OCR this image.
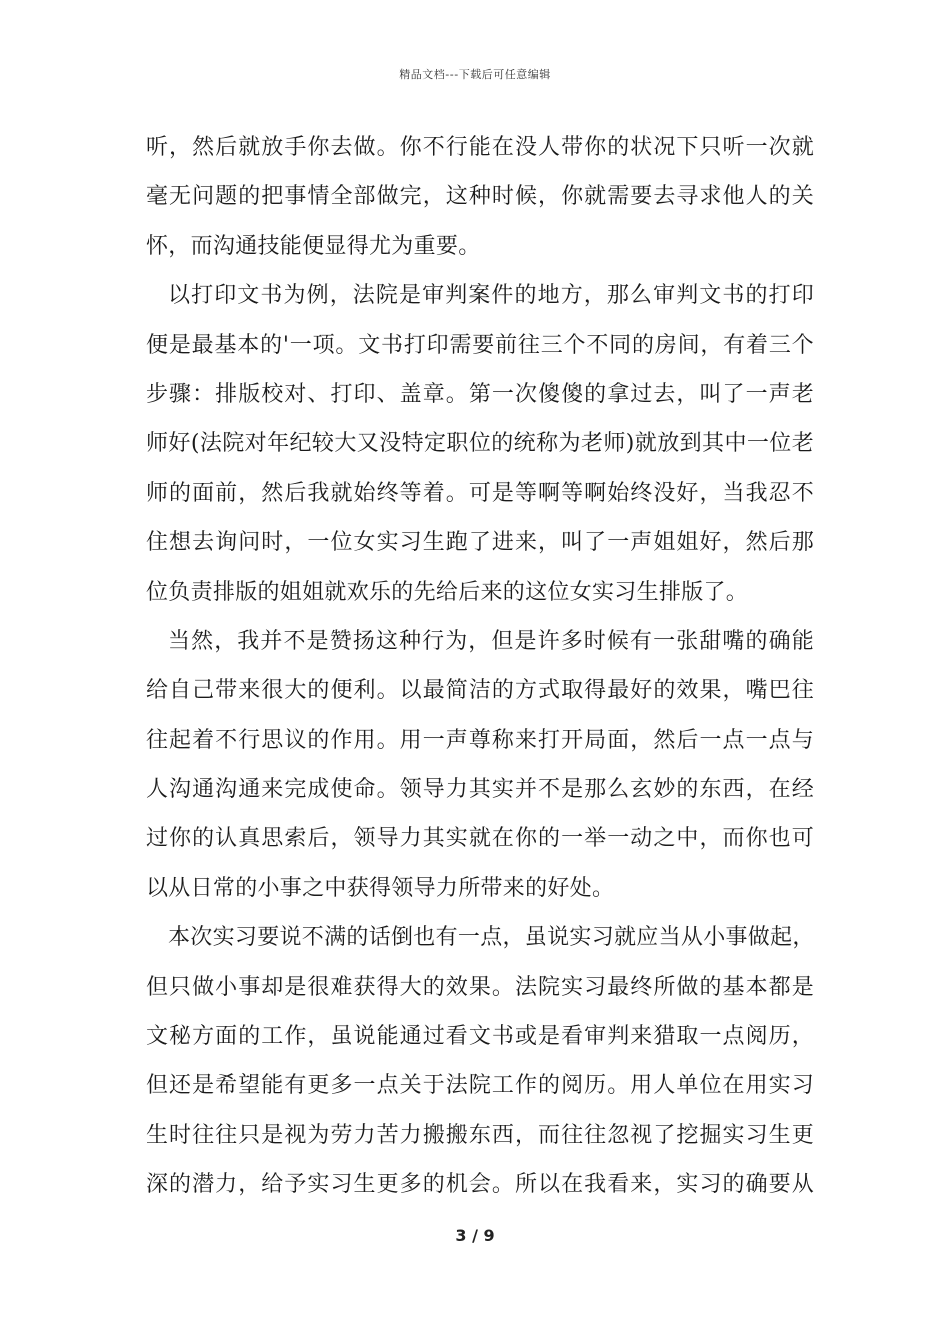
精品文档---下载后可任意编辑
听，然后就放手你去做。你不行能在没人带你的状况下只听一次就
毫无问题的把事情全部做完，这种时候，你就需要去寻求他人的关
怀，而沟通技能便显得尤为重要。
以打印文书为例，法院是审判案件的地方，那么审判文书的打印
便是最基本的'一项。文书打印需要前往三个不同的房间，有着三个
步骤：排版校对、打印、盖章。第一次傻傻的拿过去，叫了一声老
师好(法院对年纪较大又没特定职位的统称为老师)就放到其中一位老
师的面前，然后我就始终等着。可是等啊等啊始终没好，当我忍不
住想去询问时，一位女实习生跑了进来，叫了一声姐姐好，然后那
位负责排版的姐姐就欢乐的先给后来的这位女实习生排版了。
当然，我并不是赞扬这种行为，但是许多时候有一张甜嘴的确能
给自己带来很大的便利。以最简洁的方式取得最好的效果，嘴巴往
往起着不行思议的作用。用一声尊称来打开局面，然后一点一点与
人沟通沟通来完成使命。领导力其实并不是那么玄妙的东西，在经
过你的认真思索后，领导力其实就在你的一举一动之中，而你也可
以从日常的小事之中获得领导力所带来的好处。
本次实习要说不满的话倒也有一点，虽说实习就应当从小事做起，
但只做小事却是很难获得大的效果。法院实习最终所做的基本都是
文秘方面的工作，虽说能通过看文书或是看审判来猎取一点阅历，
但还是希望能有更多一点关于法院工作的阅历。用人单位在用实习
生时往往只是视为劳力苦力搬搬东西，而往往忽视了挖掘实习生更
深的潜力，给予实习生更多的机会。所以在我看来，实习的确要从
3 / 9
